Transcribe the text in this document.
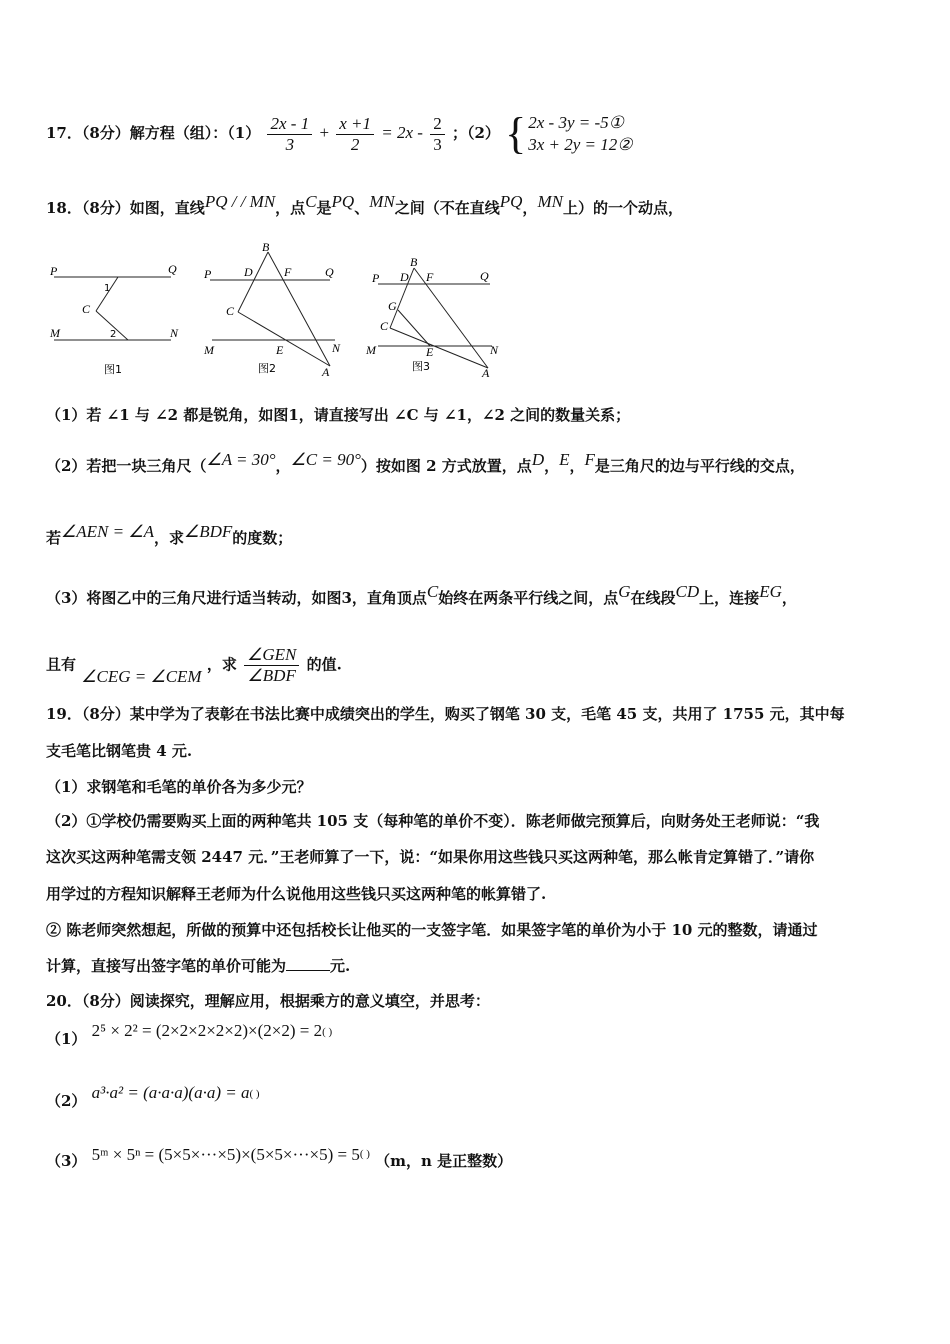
17．（8分）解方程（组）：$(1) \frac{2x - 1}{3} + \frac{x +1}{2} = 2x - \frac{2}{3}$ ；（2） { 2x - 3y = -5①
3x + 2y = 12②
18．（8分）如图，直线$^{PQ / / MN}$，点$^C$是$^{PQ}$、$^{MN}$之间（不在直线$^{PQ}$，$^{MN}$上）的一个动点，
P	Q
M	N
C
1
2
图1
B
P	Q
D	F
C
M	E	N
A
图2
B
P	Q
D F
G
C
M	E	N
A
图3
（1）若 ∠1 与 ∠2 都是锐角，如图1，请直接写出 ∠C 与 ∠1，∠2 之间的数量关系；
（2）若把一块三角尺（$^{\angle A = 30^\circ}$，$^{\angle C = 90^\circ}$）按如图 2 方式放置，点$^D$，$^E$，$^F$是三角尺的边与平行线的交点，
若$^{\angle AEN = \angle A}$，求$^{\angle BDF}$的度数；
（3）将图乙中的三角尺进行适当转动，如图3，直角顶点$^C$始终在两条平行线之间，点$^G$在线段$^{CD}$上，连接$^{EG}$，
且有 ∠CEG = ∠CEM ，求 $\frac{\text{∠GEN}}{\text{∠BDF}}$ 的值.
19．（8分）某中学为了表彰在书法比赛中成绩突出的学生，购买了钢笔 30 支，毛笔 45 支，共用了 1755 元，其中每
支毛笔比钢笔贵 4 元.
（1）求钢笔和毛笔的单价各为多少元？
（2）①学校仍需要购买上面的两种笔共 105 支（每种笔的单价不变）．陈老师做完预算后，向财务处王老师说：“我
这次买这两种笔需支领 2447 元．”王老师算了一下，说：“如果你用这些钱只买这两种笔，那么帐肯定算错了．”请你
用学过的方程知识解释王老师为什么说他用这些钱只买这两种笔的帐算错了.
② 陈老师突然想起，所做的预算中还包括校长让他买的一支签字笔．如果签字笔的单价为小于 10 元的整数，请通过
计算，直接写出签字笔的单价可能为	元.
20．（8分）阅读探究，理解应用，根据乘方的意义填空，并思考：
（1） 2⁵ × 2² = (2×2×2×2×2)×(2×2) = 2( )
（2） a³·a² = (a·a·a)(a·a) = a( )
（3） 5ᵐ × 5ⁿ = (5×5×···×5)×(5×5×···×5) = 5( ) （m，n 是正整数）
